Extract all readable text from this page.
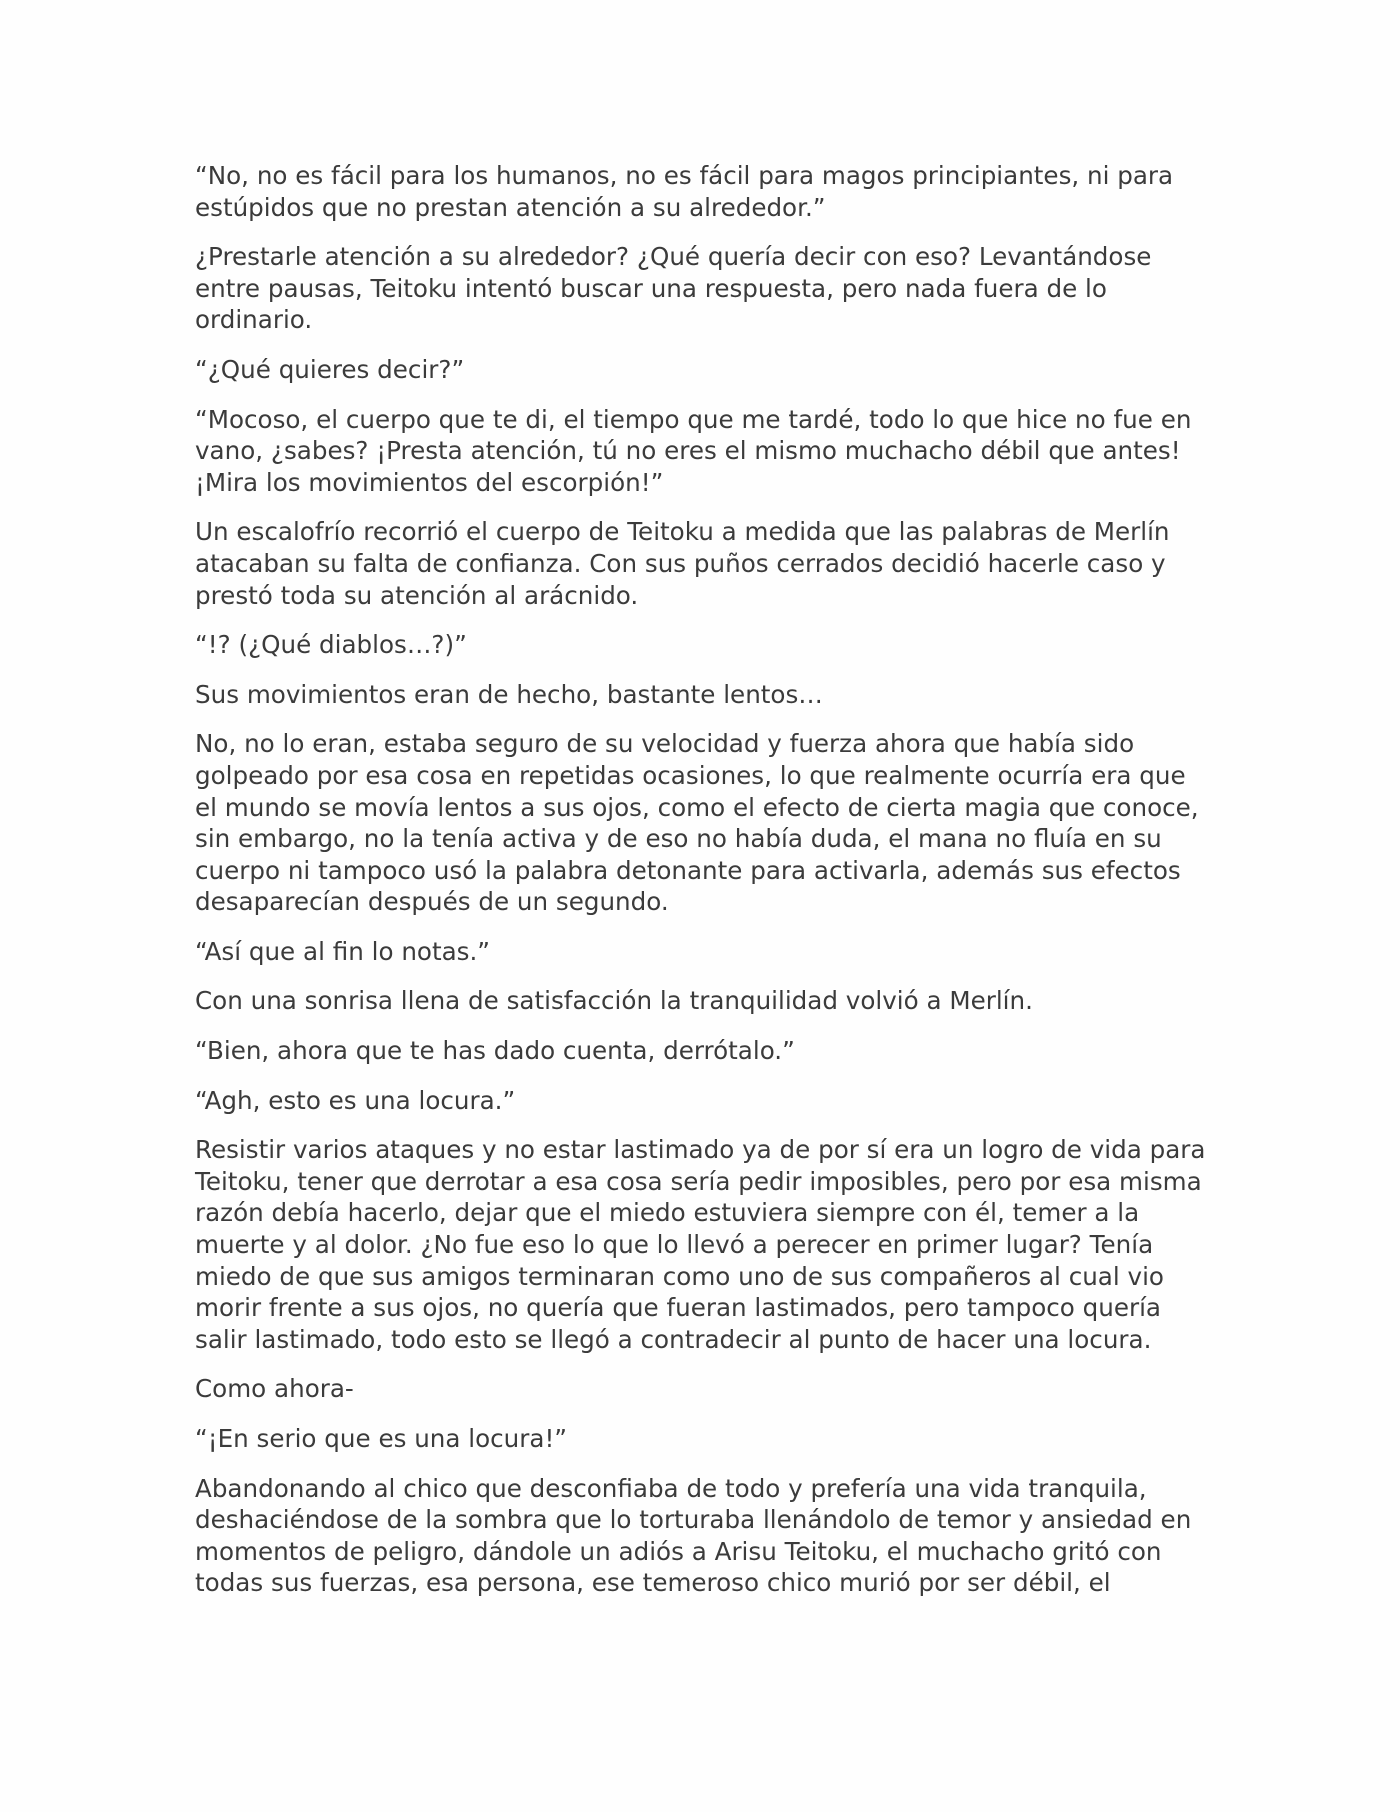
“No, no es fácil para los humanos, no es fácil para magos principiantes, ni para estúpidos que no prestan atención a su alrededor.”

¿Prestarle atención a su alrededor? ¿Qué quería decir con eso? Levantándose entre pausas, Teitoku intentó buscar una respuesta, pero nada fuera de lo ordinario.

“¿Qué quieres decir?”

“Mocoso, el cuerpo que te di, el tiempo que me tardé, todo lo que hice no fue en vano, ¿sabes? ¡Presta atención, tú no eres el mismo muchacho débil que antes! ¡Mira los movimientos del escorpión!”

Un escalofrío recorrió el cuerpo de Teitoku a medida que las palabras de Merlín atacaban su falta de confianza. Con sus puños cerrados decidió hacerle caso y prestó toda su atención al arácnido.

“!? (¿Qué diablos…?)”

Sus movimientos eran de hecho, bastante lentos…

No, no lo eran, estaba seguro de su velocidad y fuerza ahora que había sido golpeado por esa cosa en repetidas ocasiones, lo que realmente ocurría era que el mundo se movía lentos a sus ojos, como el efecto de cierta magia que conoce, sin embargo, no la tenía activa y de eso no había duda, el mana no fluía en su cuerpo ni tampoco usó la palabra detonante para activarla, además sus efectos desaparecían después de un segundo.

“Así que al fin lo notas.”

Con una sonrisa llena de satisfacción la tranquilidad volvió a Merlín.

“Bien, ahora que te has dado cuenta, derrótalo.”

“Agh, esto es una locura.”

Resistir varios ataques y no estar lastimado ya de por sí era un logro de vida para Teitoku, tener que derrotar a esa cosa sería pedir imposibles, pero por esa misma razón debía hacerlo, dejar que el miedo estuviera siempre con él, temer a la muerte y al dolor. ¿No fue eso lo que lo llevó a perecer en primer lugar? Tenía miedo de que sus amigos terminaran como uno de sus compañeros al cual vio morir frente a sus ojos, no quería que fueran lastimados, pero tampoco quería salir lastimado, todo esto se llegó a contradecir al punto de hacer una locura.

Como ahora-

“¡En serio que es una locura!”

Abandonando al chico que desconfiaba de todo y prefería una vida tranquila, deshaciéndose de la sombra que lo torturaba llenándolo de temor y ansiedad en momentos de peligro, dándole un adiós a Arisu Teitoku, el muchacho gritó con todas sus fuerzas, esa persona, ese temeroso chico murió por ser débil, el
